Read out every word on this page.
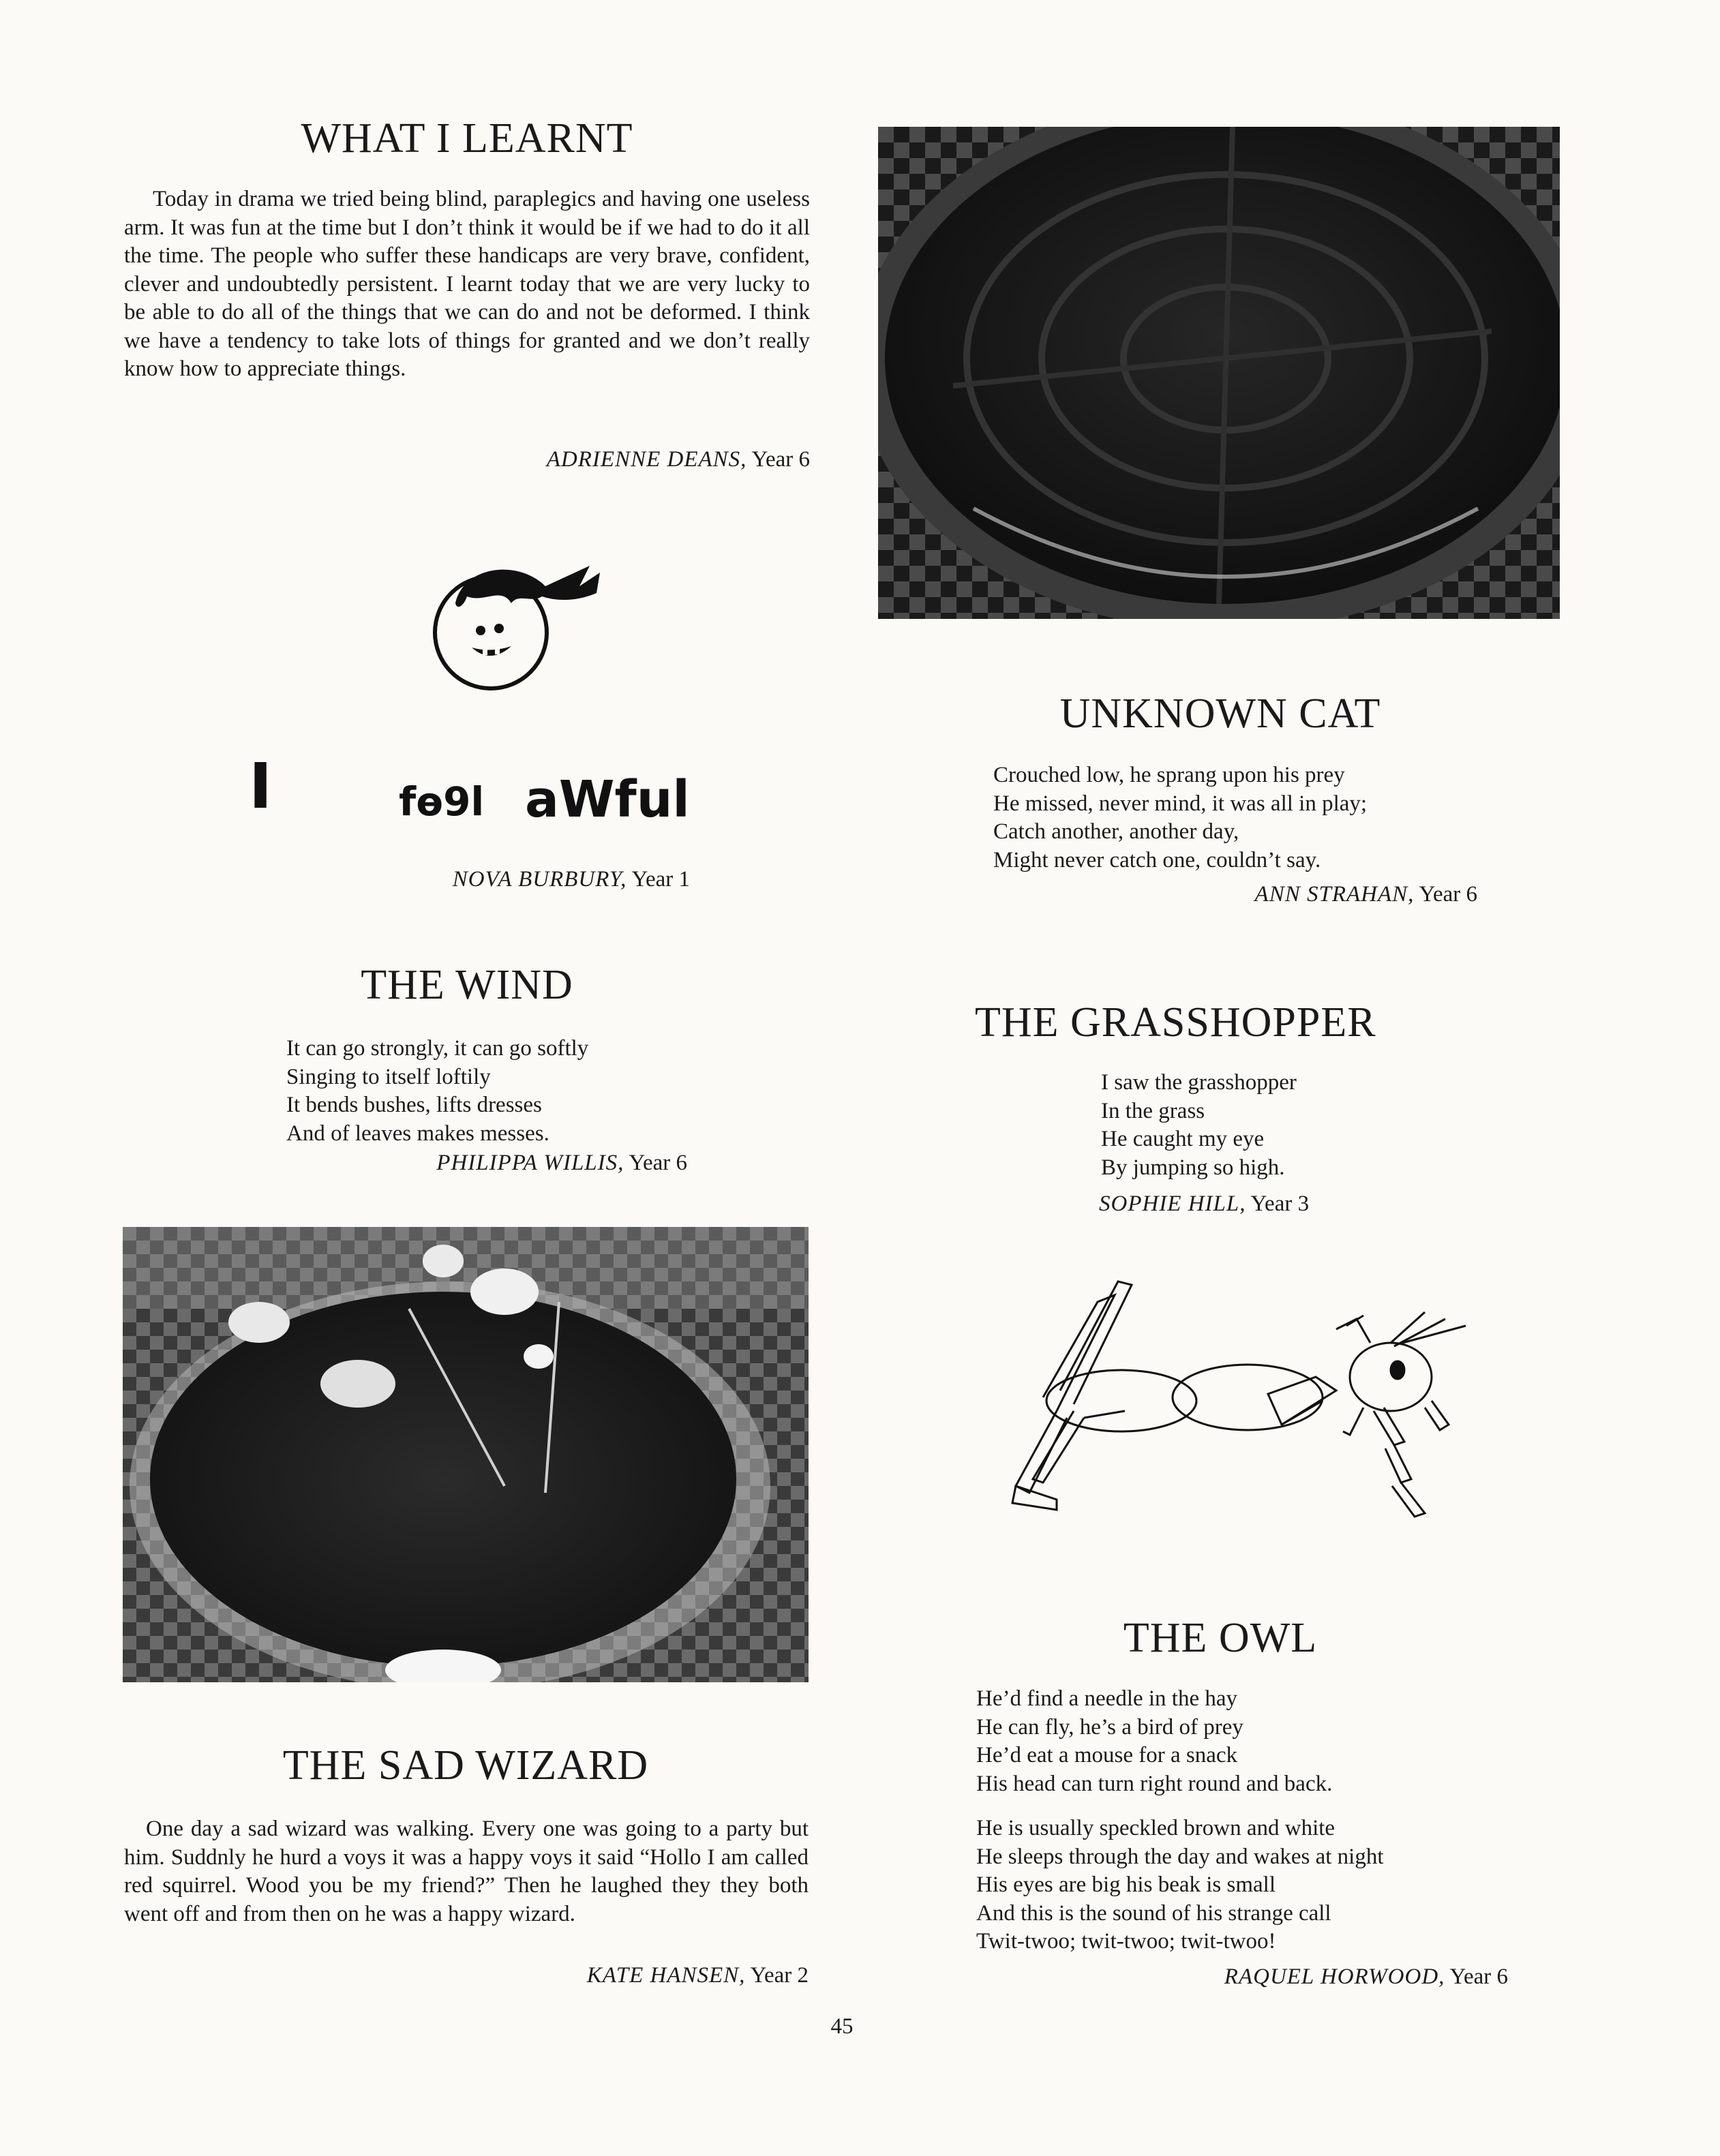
WHAT I LEARNT

Today in drama we tried being blind, paraplegics and having one useless arm. It was fun at the time but I don’t think it would be if we had to do it all the time. The people who suffer these handicaps are very brave, confident, clever and undoubtedly persistent. I learnt today that we are very lucky to be able to do all of the things that we can do and not be deformed. I think we have a tendency to take lots of things for granted and we don’t really know how to appreciate things.

ADRIENNE DEANS, Year 6
I	fѳ9l aWful
NOVA BURBURY, Year 1
THE WIND
It can go strongly, it can go softly
Singing to itself loftily
It bends bushes, lifts dresses
And of leaves makes messes.
PHILIPPA WILLIS, Year 6
THE SAD WIZARD

One day a sad wizard was walking. Every one was going to a party but him. Suddnly he hurd a voys it was a happy voys it said “Hollo I am called red squirrel. Wood you be my friend?” Then he laughed they they both went off and from then on he was a happy wizard.

KATE HANSEN, Year 2
UNKNOWN CAT
Crouched low, he sprang upon his prey
He missed, never mind, it was all in play;
Catch another, another day,
Might never catch one, couldn’t say.
ANN STRAHAN, Year 6
THE GRASSHOPPER
I saw the grasshopper
In the grass
He caught my eye
By jumping so high.
SOPHIE HILL, Year 3
THE OWL
He’d find a needle in the hay
He can fly, he’s a bird of prey
He’d eat a mouse for a snack
His head can turn right round and back.
He is usually speckled brown and white
He sleeps through the day and wakes at night
His eyes are big his beak is small
And this is the sound of his strange call
Twit-twoo; twit-twoo; twit-twoo!
RAQUEL HORWOOD, Year 6
45
